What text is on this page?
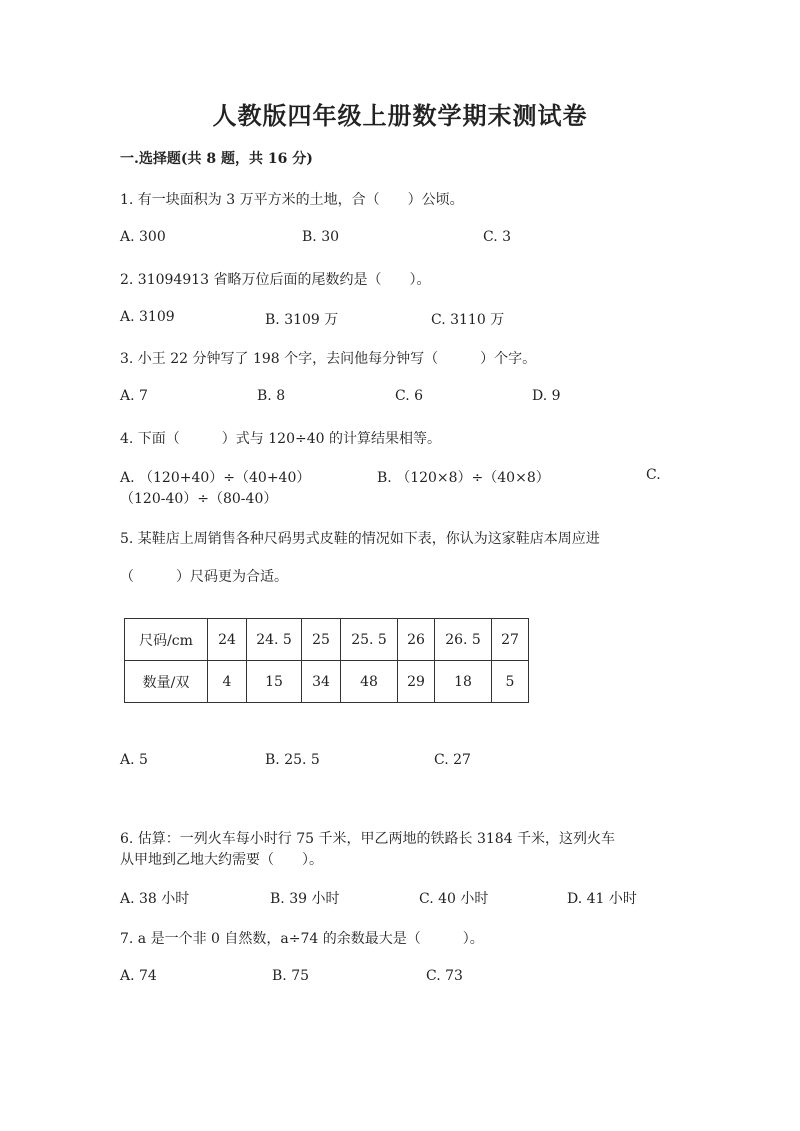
人教版四年级上册数学期末测试卷
一.选择题(共 8 题，共 16 分)
1. 有一块面积为 3 万平方米的土地，合（　　）公顷。
A. 300	B. 30	C. 3
2. 31094913 省略万位后面的尾数约是（　　）。
A. 3109	B. 3109 万	C. 3110 万
3. 小王 22 分钟写了 198 个字，去问他每分钟写（　　　）个字。
A. 7	B. 8	C. 6	D. 9
4. 下面（　　　）式与 120÷40 的计算结果相等。
A. （120+40）÷（40+40）	B. （120×8）÷（40×8）	C.
（120-40）÷（80-40）
5. 某鞋店上周销售各种尺码男式皮鞋的情况如下表，你认为这家鞋店本周应进
（　　　）尺码更为合适。
尺码/cm	24	24. 5	25	25. 5	26	26. 5	27
数量/双	4	15	34	48	29	18	5
A. 5	B. 25. 5	C. 27
6. 估算：一列火车每小时行 75 千米，甲乙两地的铁路长 3184 千米，这列火车
从甲地到乙地大约需要（　　）。
A. 38 小时	B. 39 小时	C. 40 小时	D. 41 小时
7. a 是一个非 0 自然数，a÷74 的余数最大是（　　　）。
A. 74	B. 75	C. 73
